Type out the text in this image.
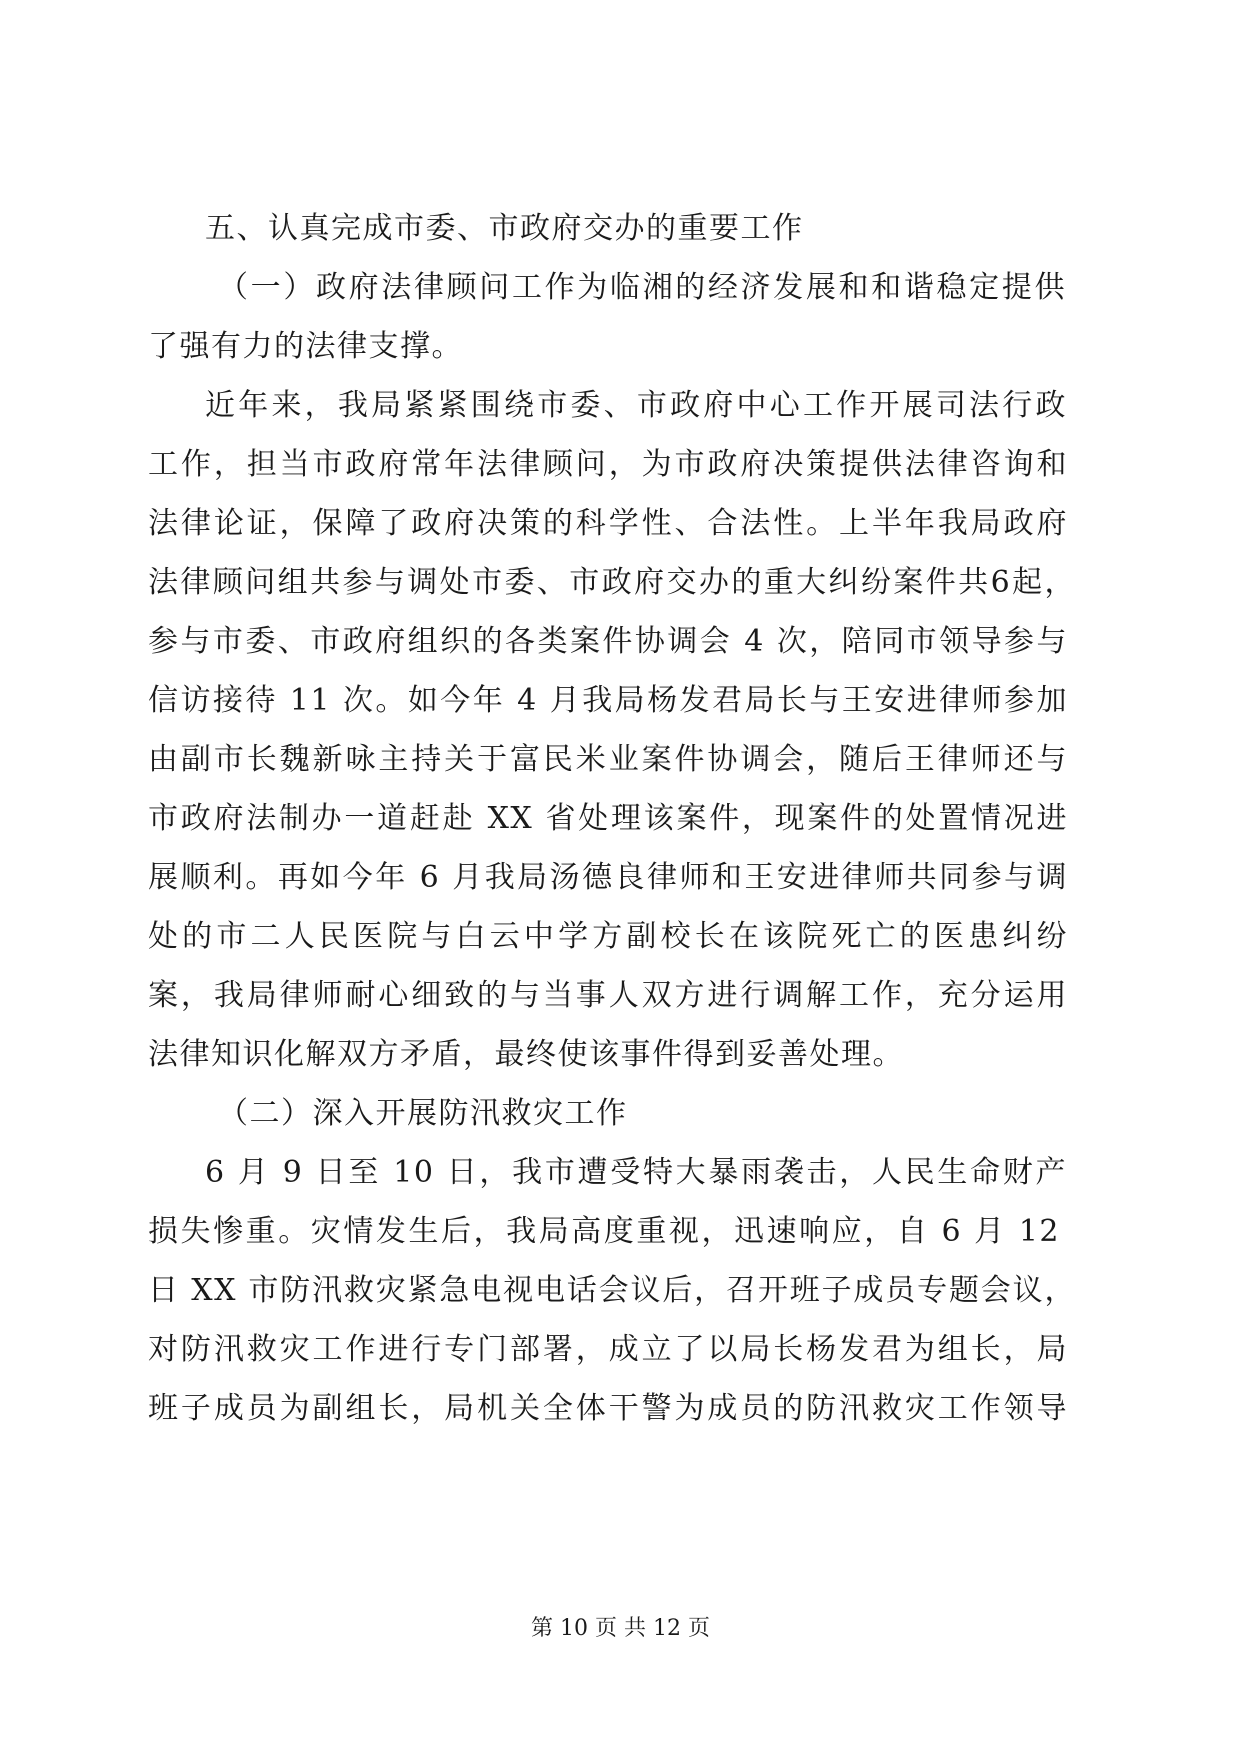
五、认真完成市委、市政府交办的重要工作
（一）政府法律顾问工作为临湘的经济发展和和谐稳定提供
了强有力的法律支撑。
近年来，我局紧紧围绕市委、市政府中心工作开展司法行政
工作，担当市政府常年法律顾问，为市政府决策提供法律咨询和
法律论证，保障了政府决策的科学性、合法性。上半年我局政府
法律顾问组共参与调处市委、市政府交办的重大纠纷案件共6起，
参与市委、市政府组织的各类案件协调会 4 次，陪同市领导参与
信访接待 11 次。如今年 4 月我局杨发君局长与王安进律师参加
由副市长魏新咏主持关于富民米业案件协调会，随后王律师还与
市政府法制办一道赶赴 XX 省处理该案件，现案件的处置情况进
展顺利。再如今年 6 月我局汤德良律师和王安进律师共同参与调
处的市二人民医院与白云中学方副校长在该院死亡的医患纠纷
案，我局律师耐心细致的与当事人双方进行调解工作，充分运用
法律知识化解双方矛盾，最终使该事件得到妥善处理。
（二）深入开展防汛救灾工作
6 月 9 日至 10 日，我市遭受特大暴雨袭击，人民生命财产
损失惨重。灾情发生后，我局高度重视，迅速响应，自 6 月 12
日 XX 市防汛救灾紧急电视电话会议后，召开班子成员专题会议，
对防汛救灾工作进行专门部署，成立了以局长杨发君为组长，局
班子成员为副组长，局机关全体干警为成员的防汛救灾工作领导
第 10 页 共 12 页
